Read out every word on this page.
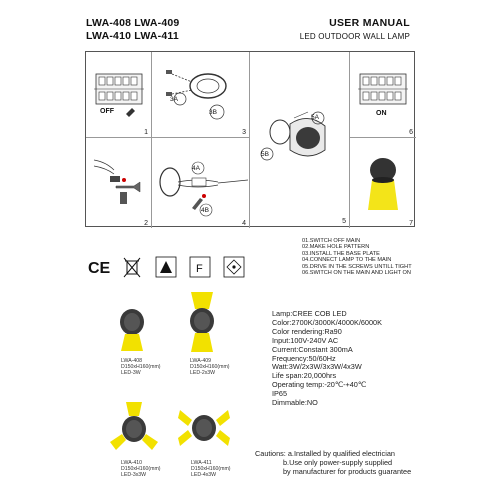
LWA-408 LWA-409
LWA-410 LWA-411
USER MANUAL
LED OUTDOOR WALL LAMP
OFF
1
3A
3B
3
5A
5B
5
ON
6
2
4A
4B
4	7
01.SWITCH OFF MAIN
02.MAKE HOLE PATTERN
03.INSTALL THE BASE PLATE
04.CONNECT LAMP TO THE MAIN
05.DRIVE IN THE SCREWS UNTILL TIGHT
06.SWITCH ON THE MAIN AND LIGHT ON
CE	F
Lamp:CREE COB LED
Color:2700K/3000K/4000K/6000K
Color rendering:Ra90
Input:100V-240V AC
Current:Constant 300mA
Frequency:50/60Hz
Watt:3W/2x3W/3x3W/4x3W
Life span:20,000hrs
Operating temp:-20℃-+40℃
IP65
Dimmable:NO
LWA-408
D150xH160(mm)
LED-3W
LWA-409
D150xH160(mm)
LED-2x3W
LWA-410
D150xH160(mm)
LED-3x3W
LWA-411
D150xH160(mm)
LED-4x3W
Cautions: a.Installed by qualified electrician
b.Use only power-supply supplied
by manufacturer for products guarantee
